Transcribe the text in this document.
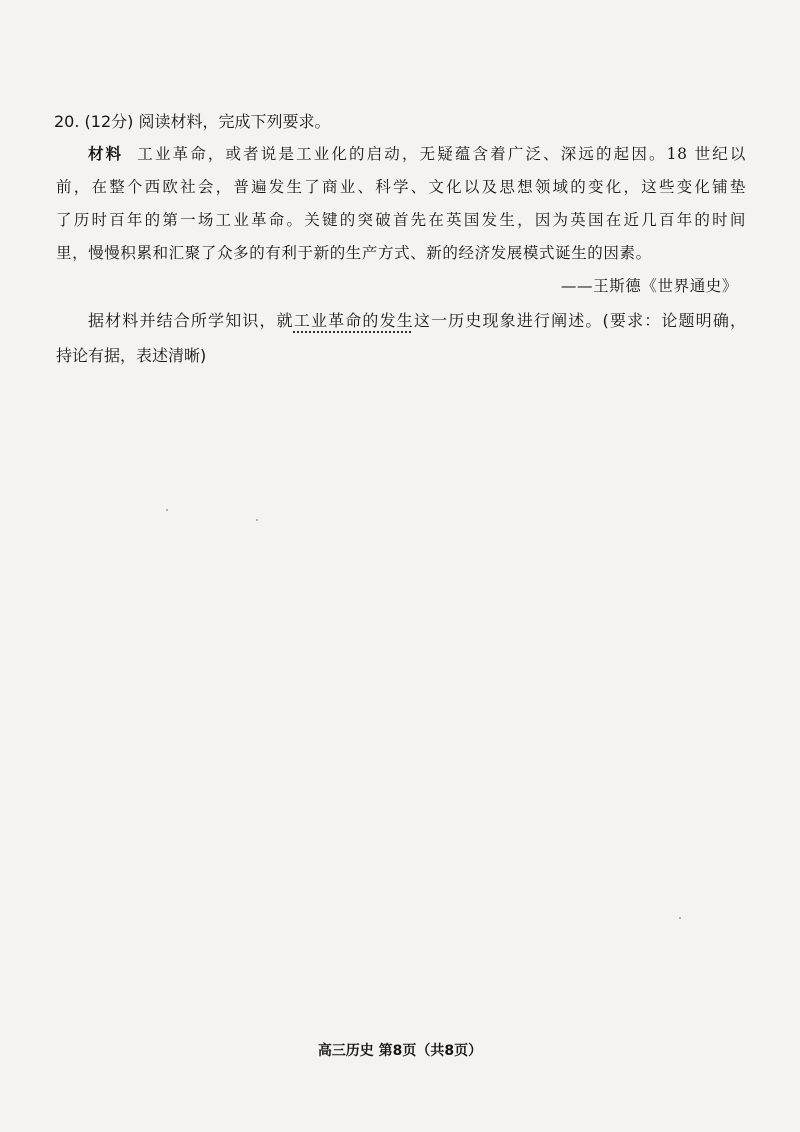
20. (12分) 阅读材料，完成下列要求。
材料 工业革命，或者说是工业化的启动，无疑蕴含着广泛、深远的起因。18 世纪以
前，在整个西欧社会，普遍发生了商业、科学、文化以及思想领域的变化，这些变化铺垫
了历时百年的第一场工业革命。关键的突破首先在英国发生，因为英国在近几百年的时间
里，慢慢积累和汇聚了众多的有利于新的生产方式、新的经济发展模式诞生的因素。
——王斯德《世界通史》
据材料并结合所学知识，就工业革命的发生这一历史现象进行阐述。(要求：论题明确，
持论有据，表述清晰)
高三历史 第8页（共8页）
